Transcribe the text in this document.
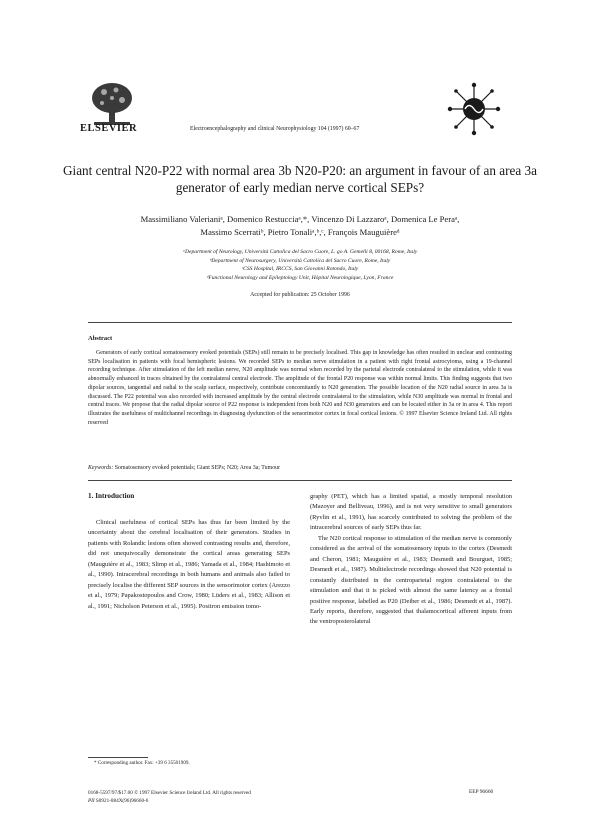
ELSEVIER	Electroencephalography and clinical Neurophysiology 104 (1997) 60–67
Giant central N20-P22 with normal area 3b N20-P20: an argument in favour of an area 3a generator of early median nerve cortical SEPs?
Massimiliano Valerianiᵃ, Domenico Restucciaᵃ,*, Vincenzo Di Lazzaroᵃ, Domenica Le Peraᵃ,
Massimo Scerratiᵇ, Pietro Tonaliᵃ,ᵇ,ᶜ, François Mauguièreᵈ
ᵃDepartment of Neurology, Università Cattolica del Sacro Cuore, L. go A. Gemelli 8, 00168, Rome, Italy
ᵇDepartment of Neurosurgery, Università Cattolica del Sacro Cuore, Rome, Italy
ᶜCSS Hospital, IRCCS, San Giovanni Rotondo, Italy
ᵈFunctional Neurology and Epileptology Unit, Hôpital Neurologique, Lyon, France
Accepted for publication: 25 October 1996
Abstract
Generators of early cortical somatosensory evoked potentials (SEPs) still remain to be precisely localised. This gap in knowledge has often resulted in unclear and contrasting SEPs localisation in patients with focal hemispheric lesions. We recorded SEPs to median nerve stimulation in a patient with right frontal astrocytoma, using a 19-channel recording technique. After stimulation of the left median nerve, N20 amplitude was normal when recorded by the parietal electrode contralateral to the stimulation, while it was abnormally enhanced in traces obtained by the contralateral central electrode. The amplitude of the frontal P20 response was within normal limits. This finding suggests that two dipolar sources, tangential and radial to the scalp surface, respectively, contribute concomitantly to N20 generation. The possible location of the N20 radial source in area 3a is discussed. The P22 potential was also recorded with increased amplitude by the central electrode contralateral to the stimulation, while N30 amplitude was normal in frontal and central traces. We propose that the radial dipolar source of P22 response is independent from both N20 and N30 generators and can be located either in 3a or in area 4. This report illustrates the usefulness of multichannel recordings in diagnosing dysfunction of the sensorimotor cortex in focal cortical lesions. © 1997 Elsevier Science Ireland Ltd. All rights reserved
Keywords: Somatosensory evoked potentials; Giant SEPs; N20; Area 3a; Tumour
1. Introduction
Clinical usefulness of cortical SEPs has thus far been limited by the uncertainty about the cerebral localisation of their generators. Studies in patients with Rolandic lesions often showed contrasting results and, therefore, did not unequivocally demonstrate the cortical areas generating SEPs (Mauguière et al., 1983; Slimp et al., 1986; Yamada et al., 1984; Hashimoto et al., 1990). Intracerebral recordings in both humans and animals also failed to precisely localise the different SEP sources in the sensorimotor cortex (Arezzo et al., 1979; Papakostopoulos and Crow, 1980; Lüders et al., 1983; Allison et al., 1991; Nicholson Peterson et al., 1995). Positron emission tomo-

graphy (PET), which has a limited spatial, a mostly temporal resolution (Mazoyer and Belliveau, 1996), and is not very sensitive to small generators (Ryvlin et al., 1991), has scarcely contributed to solving the problem of the intracerebral sources of early SEPs thus far.

The N20 cortical response to stimulation of the median nerve is commonly considered as the arrival of the somatosensory inputs to the cortex (Desmedt and Cheron, 1981; Mauguière et al., 1983; Desmedt and Bourguet, 1985; Desmedt et al., 1987). Multielectrode recordings showed that N20 potential is constantly distributed in the centroparietal region contralateral to the stimulation and that it is picked with almost the same latency as a frontal positive response, labelled as P20 (Deiber et al., 1986; Desmedt et al., 1987). Early reports, therefore, suggested that thalamocortical afferent inputs from the ventroposterolateral

* Corresponding author. Fax: +39 6 35501909.
0168-5597/97/$17.00 © 1997 Elsevier Science Ireland Ltd. All rights reserved
PII S0921-884X(96)96660-6
EEP 96660
